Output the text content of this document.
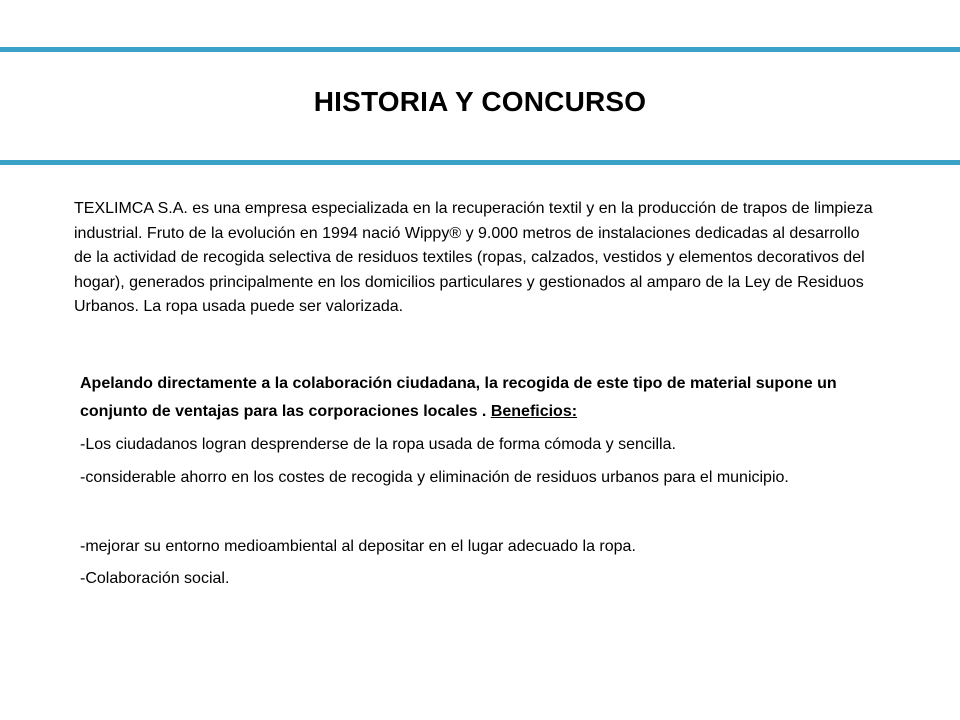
HISTORIA Y CONCURSO

TEXLIMCA S.A. es una empresa especializada en la recuperación textil y en la producción de trapos de limpieza industrial. Fruto de la evolución en 1994 nació Wippy® y 9.000 metros de instalaciones dedicadas al desarrollo de la actividad de recogida selectiva de residuos textiles (ropas, calzados, vestidos y elementos decorativos del hogar), generados principalmente en los domicilios particulares y gestionados al amparo de la Ley de Residuos Urbanos. La ropa usada puede ser valorizada.

Apelando directamente a la colaboración ciudadana, la recogida de este tipo de material supone un conjunto de ventajas para las corporaciones locales . Beneficios:

-Los ciudadanos logran desprenderse de la ropa usada de forma cómoda y sencilla.

-considerable ahorro en los costes de recogida y eliminación de residuos urbanos para el municipio.

-mejorar su entorno medioambiental al depositar en el lugar adecuado la ropa.

-Colaboración social.
